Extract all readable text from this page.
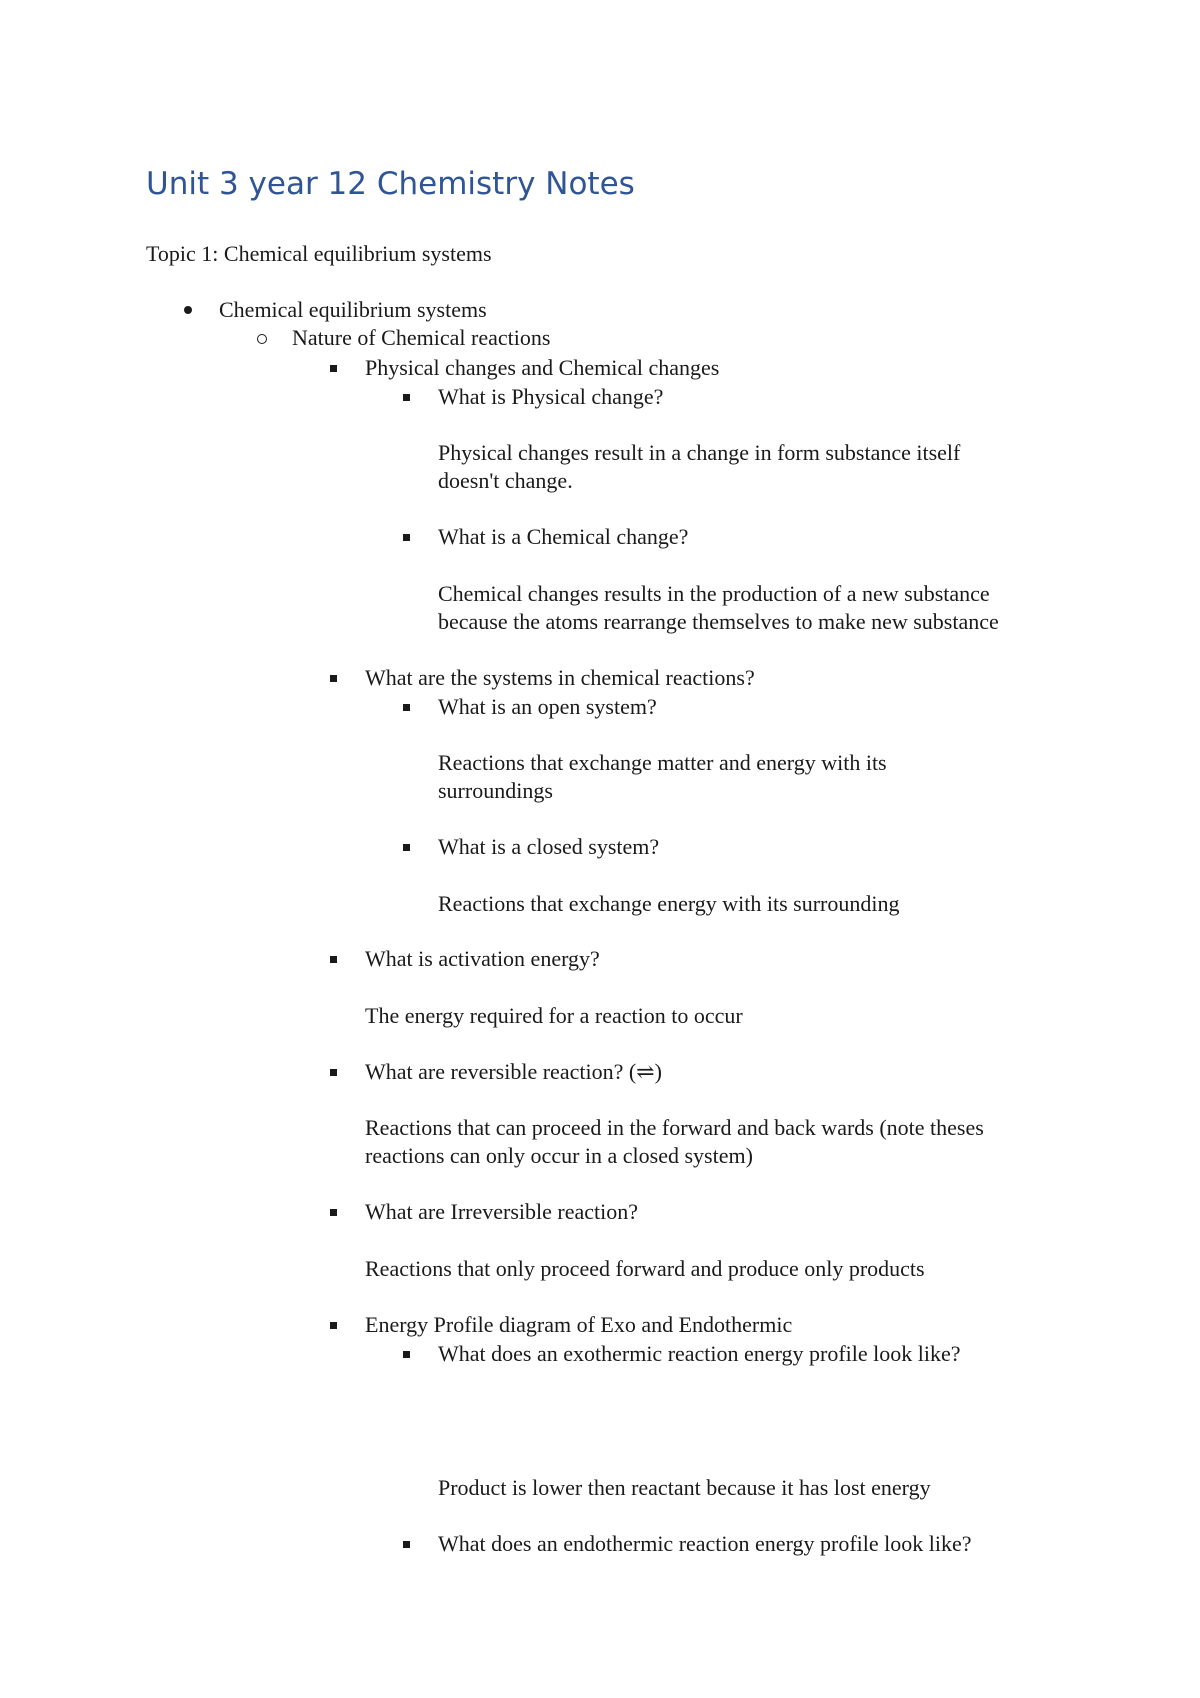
Unit 3 year 12 Chemistry Notes
Topic 1: Chemical equilibrium systems
Chemical equilibrium systems
Nature of Chemical reactions
Physical changes and Chemical changes
What is Physical change?
Physical changes result in a change in form substance itself
doesn't change.
What is a Chemical change?
Chemical changes results in the production of a new substance
because the atoms rearrange themselves to make new substance
What are the systems in chemical reactions?
What is an open system?
Reactions that exchange matter and energy with its
surroundings
What is a closed system?
Reactions that exchange energy with its surrounding
What is activation energy?
The energy required for a reaction to occur
What are reversible reaction? (⇌)
Reactions that can proceed in the forward and back wards (note theses
reactions can only occur in a closed system)
What are Irreversible reaction?
Reactions that only proceed forward and produce only products
Energy Profile diagram of Exo and Endothermic
What does an exothermic reaction energy profile look like?
Product is lower then reactant because it has lost energy
What does an endothermic reaction energy profile look like?
